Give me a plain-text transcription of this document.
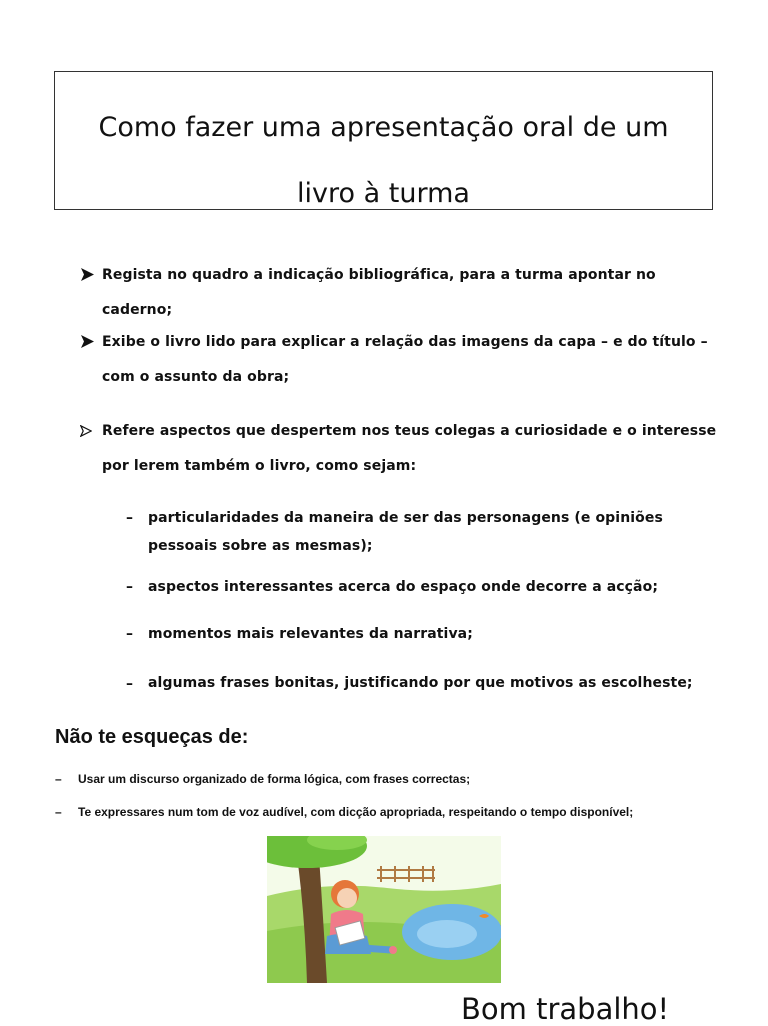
Como fazer uma apresentação oral de um
livro à turma
Regista no quadro a indicação bibliográfica, para a turma apontar no caderno;
Exibe o livro lido para explicar a relação das imagens da capa – e do título – com o assunto da obra;
Refere aspectos que despertem nos teus colegas a curiosidade e o interesse por lerem também o livro, como sejam:
– particularidades da maneira de ser das personagens (e opiniões pessoais sobre as mesmas);
– aspectos interessantes acerca do espaço onde decorre a acção;
– momentos mais relevantes da narrativa;
– algumas frases bonitas, justificando por que motivos as escolheste;
Não te esqueças de:
– Usar um discurso organizado de forma lógica, com frases correctas;
– Te expressares num tom de voz audível, com dicção apropriada, respeitando o tempo disponível;
Bom trabalho!
